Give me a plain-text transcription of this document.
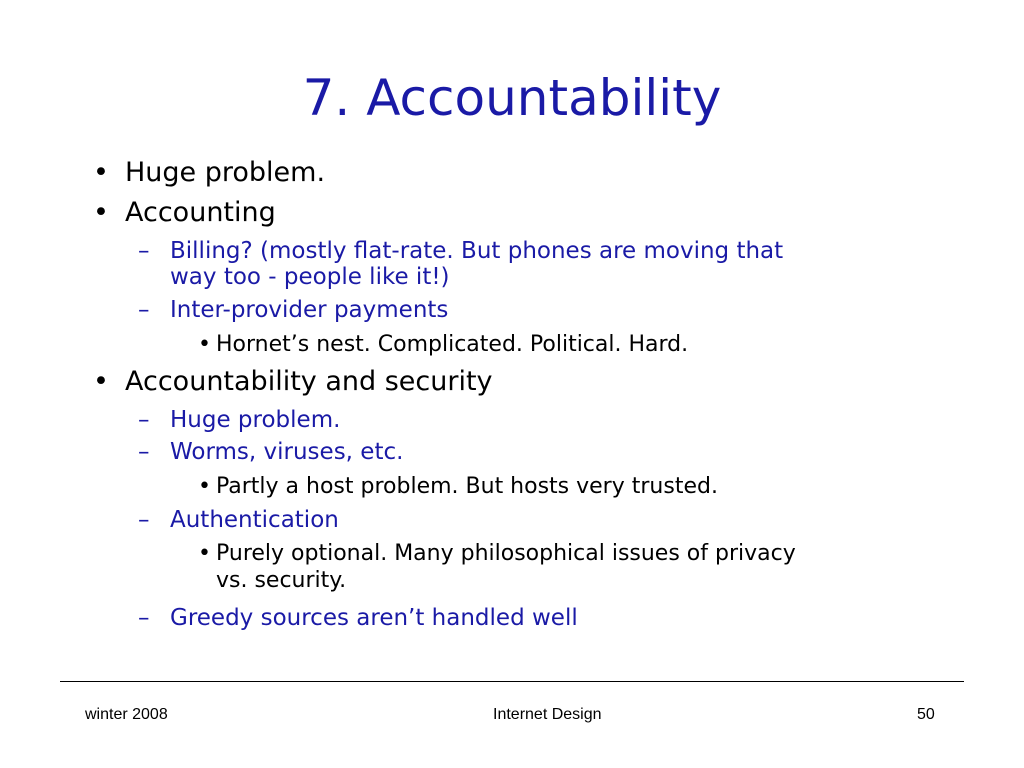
7. Accountability
• Huge problem.
• Accounting
– Billing? (mostly flat-rate. But phones are moving that
way too - people like it!)
– Inter-provider payments
• Hornet’s nest. Complicated. Political. Hard.
• Accountability and security
– Huge problem.
– Worms, viruses, etc.
• Partly a host problem. But hosts very trusted.
– Authentication
• Purely optional. Many philosophical issues of privacy
vs. security.
– Greedy sources aren’t handled well
winter 2008	Internet Design	50
